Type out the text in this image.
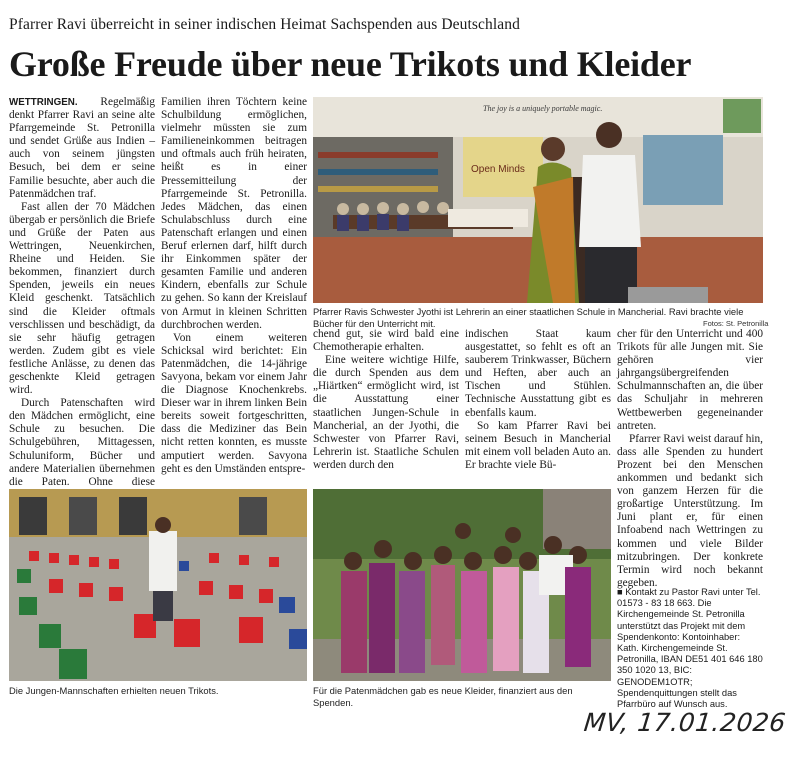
Pfarrer Ravi überreicht in seiner indischen Heimat Sachspenden aus Deutschland
Große Freude über neue Trikots und Kleider

WETTRINGEN. Regelmäßig denkt Pfarrer Ravi an seine alte Pfarrgemeinde St. Petronilla und sendet Grüße aus Indien – auch von seinem jüngsten Besuch, bei dem er seine Familie besuchte, aber auch die Patenmädchen traf.

Fast allen der 70 Mädchen übergab er persönlich die Briefe und Grüße der Paten aus Wettringen, Neuenkirchen, Rheine und Heiden. Sie bekommen, finanziert durch Spenden, jeweils ein neues Kleid geschenkt. Tatsächlich sind die Kleider oftmals verschlissen und beschädigt, da sie sehr häufig getragen werden. Zudem gibt es viele festliche Anlässe, zu denen das geschenkte Kleid getragen wird.

Durch Patenschaften wird den Mädchen ermöglicht, eine Schule zu besuchen. Die Schulgebühren, Mittagessen, Schuluniform, Bücher und andere Materialien übernehmen die Paten. Ohne diese

Familien ihren Töchtern keine Schulbildung ermöglichen, vielmehr müssten sie zum Familieneinkommen beitragen und oftmals auch früh heiraten, heißt es in einer Pressemitteilung der Pfarrgemeinde St. Petronilla. Jedes Mädchen, das einen Schulabschluss durch eine Patenschaft erlangen und einen Beruf erlernen darf, hilft durch ihr Einkommen später der gesamten Familie und anderen Kindern, ebenfalls zur Schule zu gehen. So kann der Kreislauf von Armut in kleinen Schritten durchbrochen werden.

Von einem weiteren Schicksal wird berichtet: Ein Patenmädchen, die 14-jährige Savyona, bekam vor einem Jahr die Diagnose Knochenkrebs. Dieser war in ihrem linken Bein bereits soweit fortgeschritten, dass die Mediziner das Bein nicht retten konnten, es musste amputiert werden. Savyona geht es den Umständen entspre-

Open Minds
The joy is a uniquely portable magic.
Pfarrer Ravis Schwester Jyothi ist Lehrerin an einer staatlichen Schule in Mancherial. Ravi brachte viele Bücher für den Unterricht mit.	Fotos: St. Petronilla

chend gut, sie wird bald eine Chemotherapie erhalten.

Eine weitere wichtige Hilfe, die durch Spenden aus dem „Hiärtken“ ermöglicht wird, ist die Ausstattung einer staatlichen Jungen-Schule in Mancherial, an der Jyothi, die Schwester von Pfarrer Ravi, Lehrerin ist. Staatliche Schulen werden durch den

indischen Staat kaum ausgestattet, so fehlt es oft an sauberem Trinkwasser, Büchern und Heften, aber auch an Tischen und Stühlen. Technische Ausstattung gibt es ebenfalls kaum.

So kam Pfarrer Ravi bei seinem Besuch in Mancherial mit einem voll beladen Auto an. Er brachte viele Bü-

cher für den Unterricht und 400 Trikots für alle Jungen mit. Sie gehören vier jahrgangsübergreifenden Schulmannschaften an, die über das Schuljahr in mehreren Wettbewerben gegeneinander antreten.

Pfarrer Ravi weist darauf hin, dass alle Spenden zu hundert Prozent bei den Menschen ankommen und bedankt sich von ganzem Herzen für die großartige Unterstützung. Im Juni plant er, für einen Infoabend nach Wettringen zu kommen und viele Bilder mitzubringen. Der konkrete Termin wird noch bekannt gegeben.

■ Kontakt zu Pastor Ravi unter Tel. 01573 - 83 18 663. Die Kirchengemeinde St. Petronilla unterstützt das Projekt mit dem Spendenkonto: Kontoinhaber: Kath. Kirchengemeinde St. Petronilla, IBAN DE51 401 646 180 350 1020 13, BIC: GENODEM1OTR; Spendenquittungen stellt das Pfarrbüro auf Wunsch aus.
Die Jungen-Mannschaften erhielten neuen Trikots.	Für die Patenmädchen gab es neue Kleider, finanziert aus den Spenden.
MV, 17.01.2026
